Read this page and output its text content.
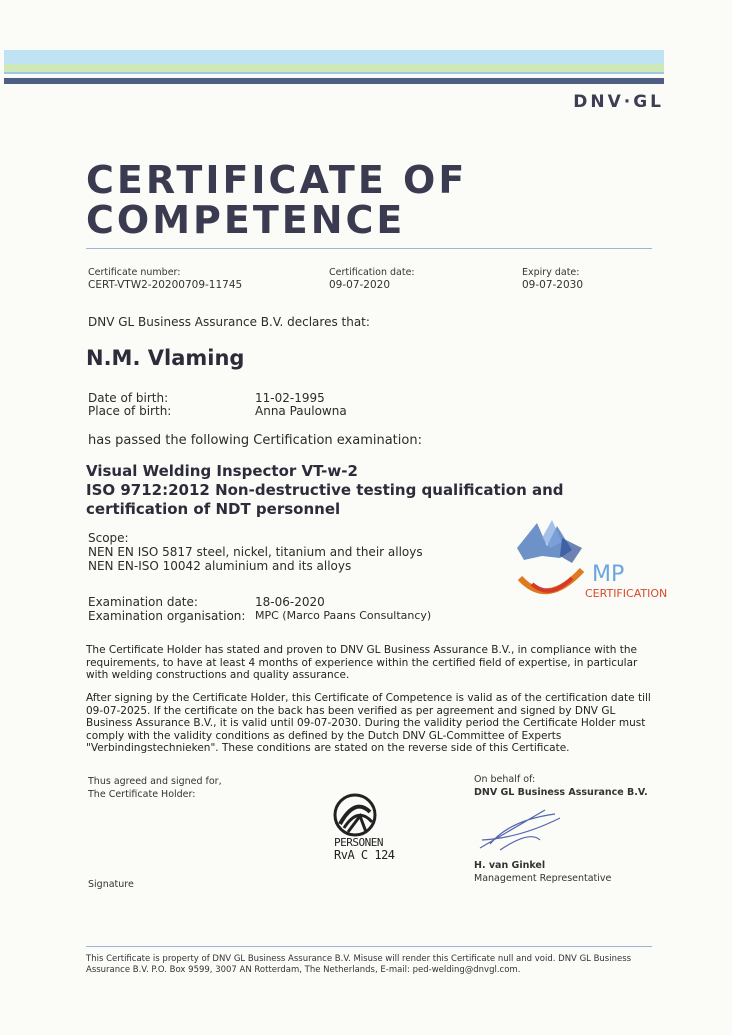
DNV·GL
CERTIFICATE OF
COMPETENCE
Certificate number:
CERT-VTW2-20200709-11745
Certification date:
09-07-2020
Expiry date:
09-07-2030
DNV GL Business Assurance B.V. declares that:
N.M. Vlaming
Date of birth:	11-02-1995
Place of birth:	Anna Paulowna
has passed the following Certification examination:
Visual Welding Inspector VT-w-2
ISO 9712:2012 Non-destructive testing qualification and
certification of NDT personnel
Scope:
NEN EN ISO 5817 steel, nickel, titanium and their alloys
NEN EN-ISO 10042 aluminium and its alloys	MP
CERTIFICATION
Examination date:	18-06-2020
Examination organisation: MPC (Marco Paans Consultancy)
The Certificate Holder has stated and proven to DNV GL Business Assurance B.V., in compliance with the requirements, to have at least 4 months of experience within the certified field of expertise, in particular with welding constructions and quality assurance.
After signing by the Certificate Holder, this Certificate of Competence is valid as of the certification date till 09-07-2025. If the certificate on the back has been verified as per agreement and signed by DNV GL Business Assurance B.V., it is valid until 09-07-2030. During the validity period the Certificate Holder must comply with the validity conditions as defined by the Dutch DNV GL-Committee of Experts "Verbindingstechnieken". These conditions are stated on the reverse side of this Certificate.
Thus agreed and signed for,
The Certificate Holder:
PERSONEN
RvA C 124
On behalf of:
DNV GL Business Assurance B.V.
H. van Ginkel
Management Representative
Signature
This Certificate is property of DNV GL Business Assurance B.V. Misuse will render this Certificate null and void. DNV GL Business Assurance B.V. P.O. Box 9599, 3007 AN Rotterdam, The Netherlands, E-mail: ped-welding@dnvgl.com.
